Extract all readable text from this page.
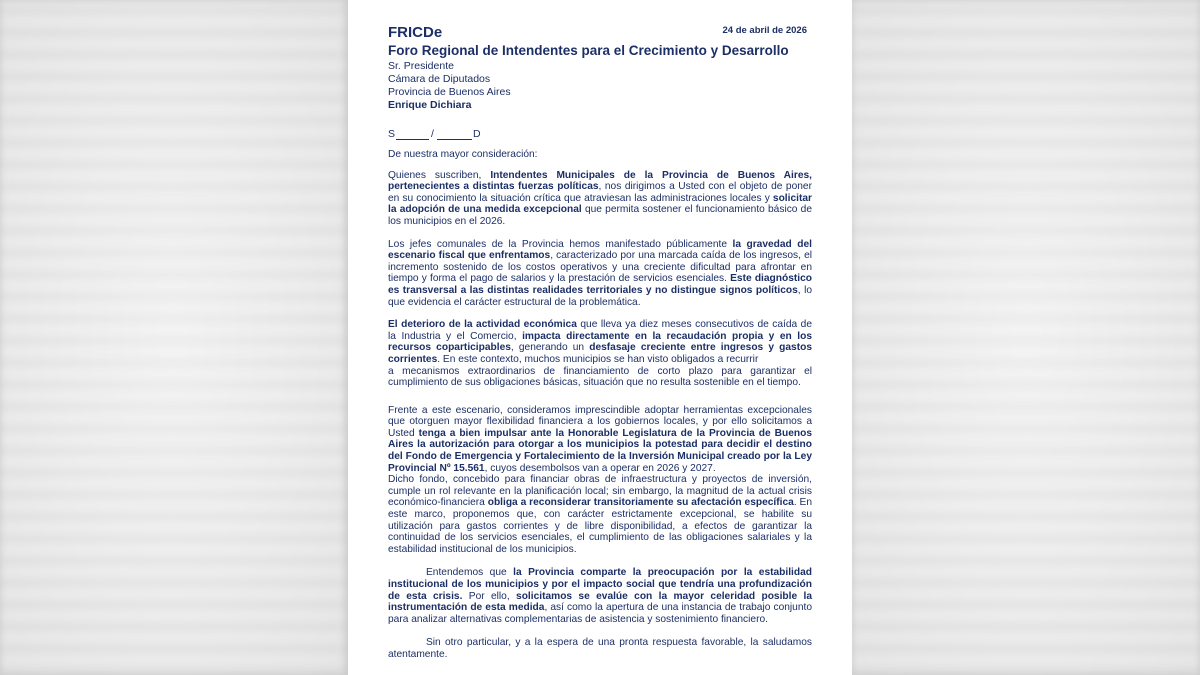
24 de abril de 2026
FRICDe
Foro Regional de Intendentes para el Crecimiento y Desarrollo
Sr. Presidente
Cámara de Diputados
Provincia de Buenos Aires
Enrique Dichiara
S	/	D

De nuestra mayor consideración:

Quienes suscriben, Intendentes Municipales de la Provincia de Buenos Aires, pertenecientes a distintas fuerzas políticas, nos dirigimos a Usted con el objeto de poner en su conocimiento la situación crítica que atraviesan las administraciones locales y solicitar la adopción de una medida excepcional que permita sostener el funcionamiento básico de los municipios en el 2026.

Los jefes comunales de la Provincia hemos manifestado públicamente la gravedad del escenario fiscal que enfrentamos, caracterizado por una marcada caída de los ingresos, el incremento sostenido de los costos operativos y una creciente dificultad para afrontar en tiempo y forma el pago de salarios y la prestación de servicios esenciales. Este diagnóstico es transversal a las distintas realidades territoriales y no distingue signos políticos, lo que evidencia el carácter estructural de la problemática.

El deterioro de la actividad económica que lleva ya diez meses consecutivos de caída de la Industria y el Comercio, impacta directamente en la recaudación propia y en los recursos coparticipables, generando un desfasaje creciente entre ingresos y gastos corrientes. En este contexto, muchos municipios se han visto obligados a recurrir
a mecanismos extraordinarios de financiamiento de corto plazo para garantizar el cumplimiento de sus obligaciones básicas, situación que no resulta sostenible en el tiempo.

Frente a este escenario, consideramos imprescindible adoptar herramientas excepcionales que otorguen mayor flexibilidad financiera a los gobiernos locales, y por ello solicitamos a Usted tenga a bien impulsar ante la Honorable Legislatura de la Provincia de Buenos Aires la autorización para otorgar a los municipios la potestad para decidir el destino del Fondo de Emergencia y Fortalecimiento de la Inversión Municipal creado por la Ley Provincial Nº 15.561, cuyos desembolsos van a operar en 2026 y 2027.

Dicho fondo, concebido para financiar obras de infraestructura y proyectos de inversión, cumple un rol relevante en la planificación local; sin embargo, la magnitud de la actual crisis económico-financiera obliga a reconsiderar transitoriamente su afectación específica. En este marco, proponemos que, con carácter estrictamente excepcional, se habilite su utilización para gastos corrientes y de libre disponibilidad, a efectos de garantizar la continuidad de los servicios esenciales, el cumplimiento de las obligaciones salariales y la estabilidad institucional de los municipios.

Entendemos que la Provincia comparte la preocupación por la estabilidad institucional de los municipios y por el impacto social que tendría una profundización de esta crisis. Por ello, solicitamos se evalúe con la mayor celeridad posible la instrumentación de esta medida, así como la apertura de una instancia de trabajo conjunto para analizar alternativas complementarias de asistencia y sostenimiento financiero.

Sin otro particular, y a la espera de una pronta respuesta favorable, la saludamos atentamente.
